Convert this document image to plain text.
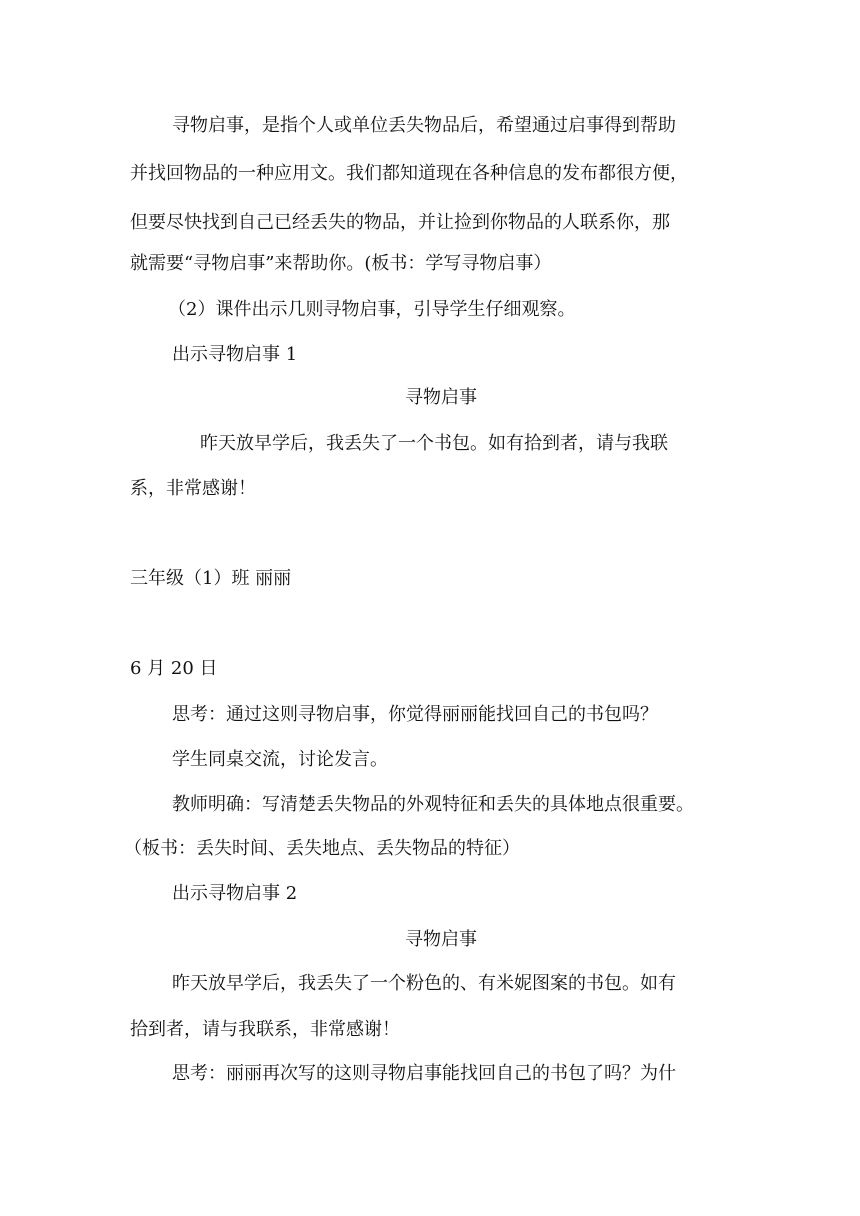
寻物启事，是指个人或单位丢失物品后，希望通过启事得到帮助
并找回物品的一种应用文。我们都知道现在各种信息的发布都很方便，
但要尽快找到自己已经丢失的物品，并让捡到你物品的人联系你，那
就需要“寻物启事”来帮助你。(板书：学写寻物启事）
（2）课件出示几则寻物启事，引导学生仔细观察。
出示寻物启事 1
寻物启事
昨天放早学后，我丢失了一个书包。如有拾到者，请与我联
系，非常感谢！
三年级（1）班 丽丽
6 月 20 日
思考：通过这则寻物启事，你觉得丽丽能找回自己的书包吗？
学生同桌交流，讨论发言。
教师明确：写清楚丢失物品的外观特征和丢失的具体地点很重要。
（板书：丢失时间、丢失地点、丢失物品的特征）
出示寻物启事 2
寻物启事
昨天放早学后，我丢失了一个粉色的、有米妮图案的书包。如有
拾到者，请与我联系，非常感谢！
思考：丽丽再次写的这则寻物启事能找回自己的书包了吗？为什
